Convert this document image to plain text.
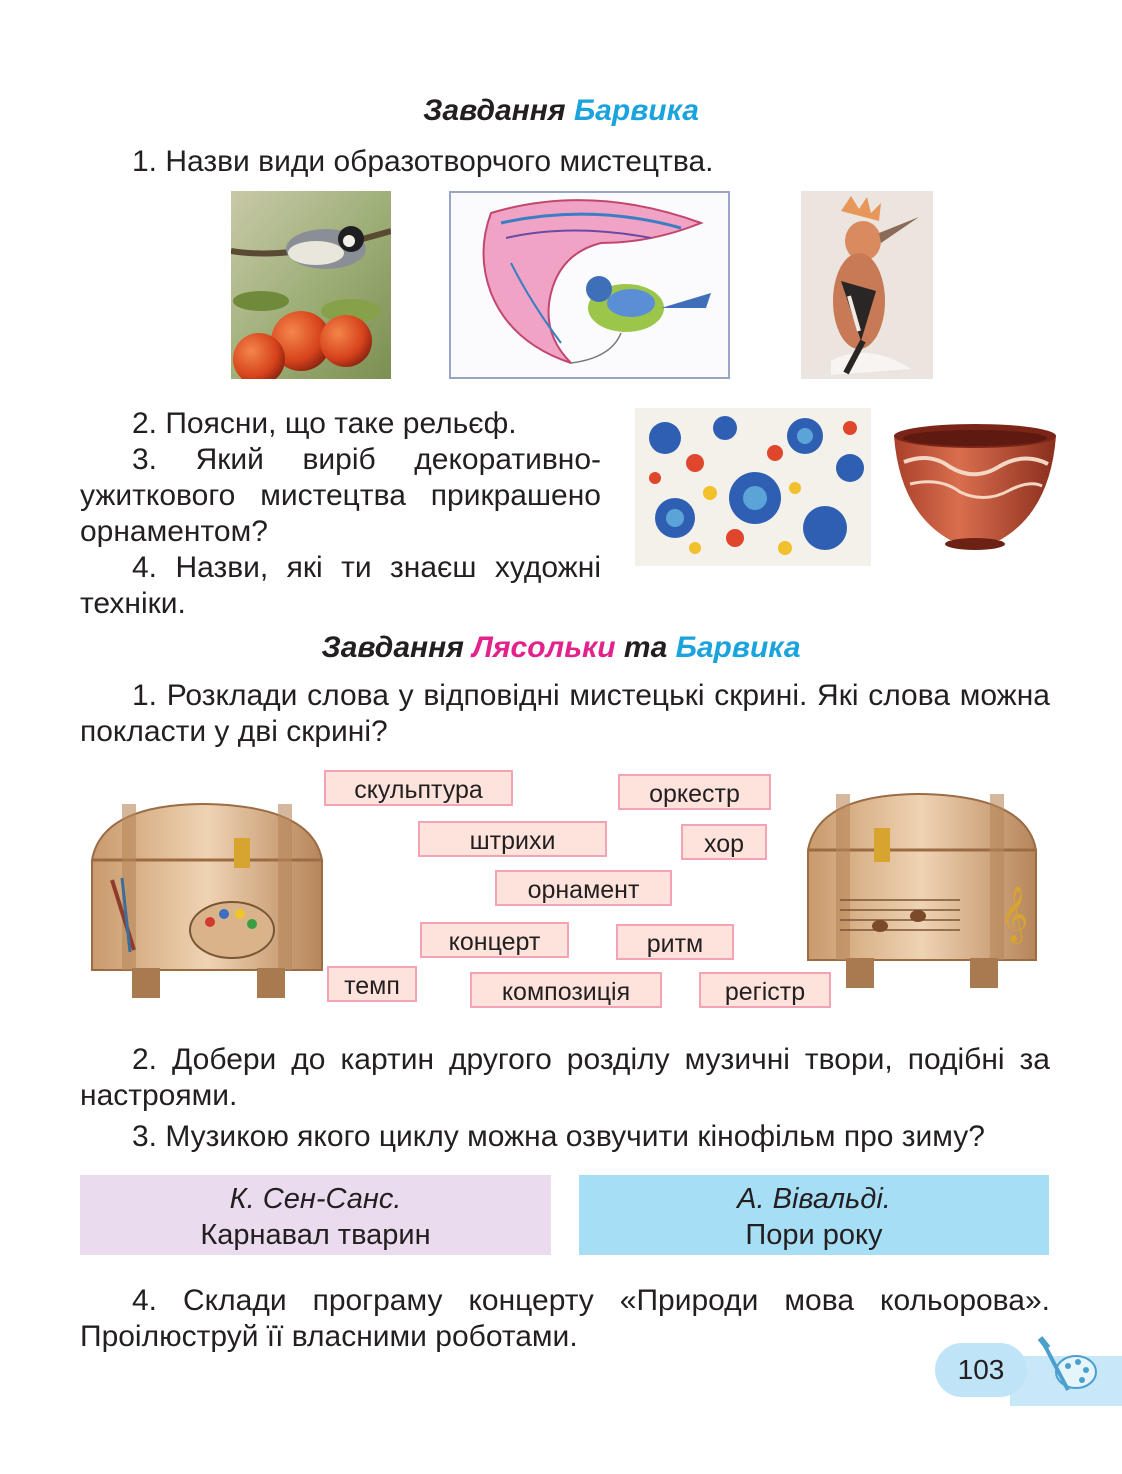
Завдання Барвика
1. Назви види образотворчого мистецтва.
2. Поясни, що таке рельєф.
3. Який виріб декоративно-ужиткового мистецтва прикрашено орнаментом?
4. Назви, які ти знаєш художні техніки.
Завдання Лясольки та Барвика
1. Розклади слова у відповідні мистецькі скрині. Які слова можна покласти у дві скрині?
𝄞
скульптура	оркестр
штрихи	хор
орнамент
концерт	ритм
темп	композиція	регістр
2. Добери до картин другого розділу музичні твори, подібні за настроями.
3. Музикою якого циклу можна озвучити кінофільм про зиму?
К. Сен-Санс.
Карнавал тварин
А. Вівальді.
Пори року
4. Склади програму концерту «Природи мова кольорова». Проілюструй її власними роботами.
103
